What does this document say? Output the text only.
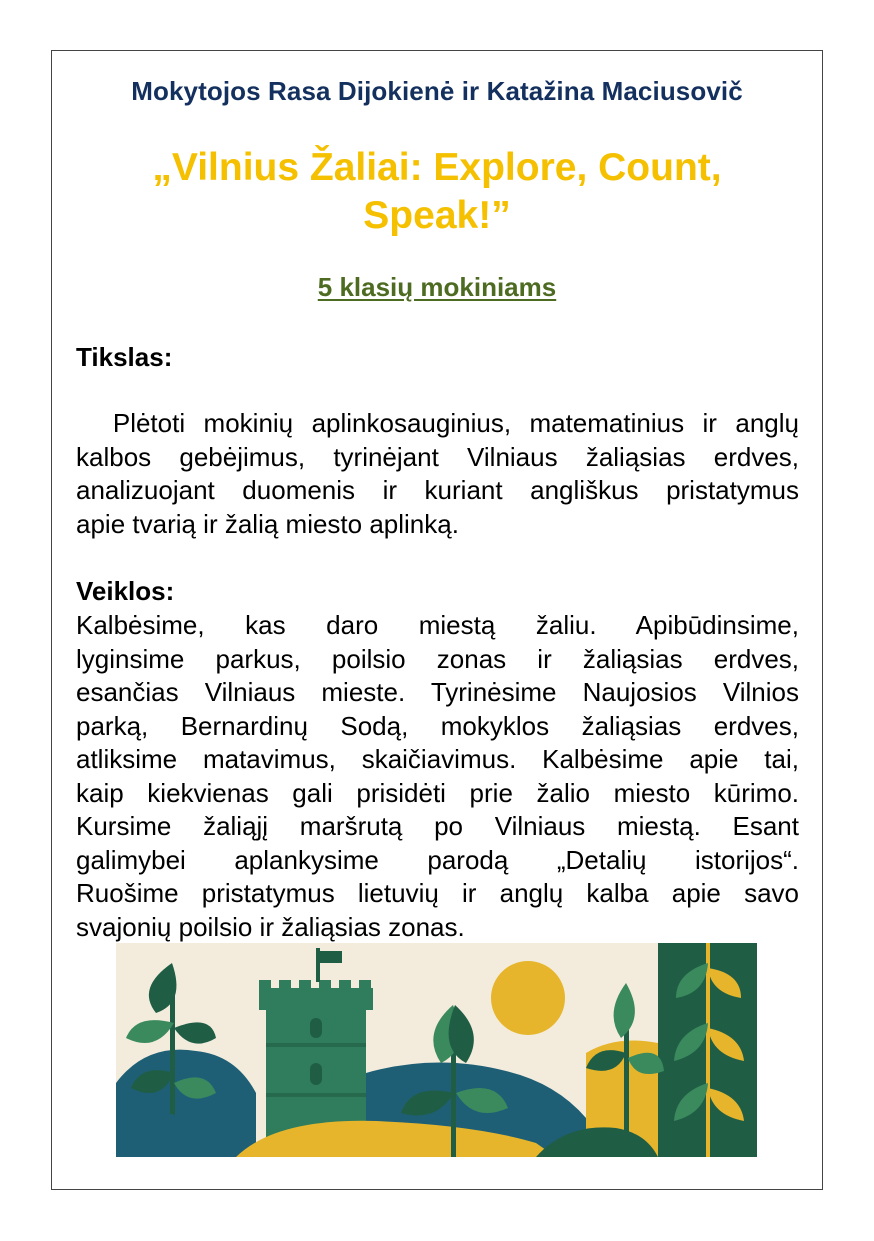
Mokytojos Rasa Dijokienė ir Katažina Maciusovič
„Vilnius Žaliai: Explore, Count, Speak!”
5 klasių mokiniams
Tikslas:
Plėtoti mokinių aplinkosauginius, matematinius ir anglų
kalbos gebėjimus, tyrinėjant Vilniaus žaliąsias erdves,
analizuojant duomenis ir kuriant angliškus pristatymus
apie tvarią ir žalią miesto aplinką.
Veiklos:
Kalbėsime, kas daro miestą žaliu. Apibūdinsime,
lyginsime parkus, poilsio zonas ir žaliąsias erdves,
esančias Vilniaus mieste. Tyrinėsime Naujosios Vilnios
parką, Bernardinų Sodą, mokyklos žaliąsias erdves,
atliksime matavimus, skaičiavimus. Kalbėsime apie tai,
kaip kiekvienas gali prisidėti prie žalio miesto kūrimo.
Kursime žaliąjį maršrutą po Vilniaus miestą. Esant
galimybei aplankysime parodą „Detalių istorijos“.
Ruošime pristatymus lietuvių ir anglų kalba apie savo
svajonių poilsio ir žaliąsias zonas.
